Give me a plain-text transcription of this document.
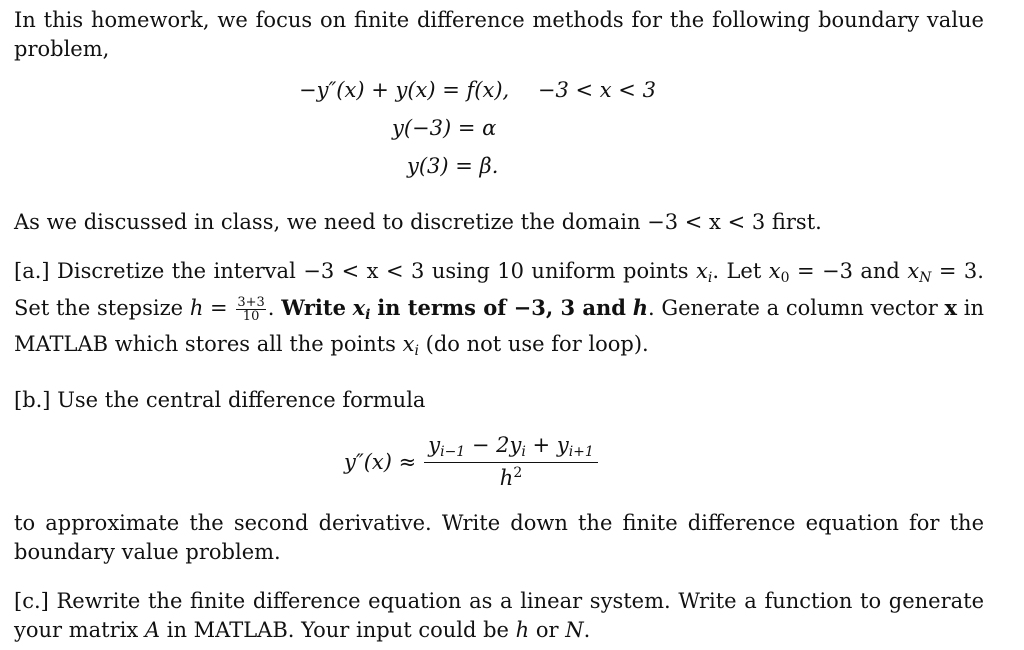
In this homework, we focus on finite difference methods for the following boundary value problem,

−y″(x) + y(x) = f(x), −3 < x < 3
y(−3) = α
y(3) = β.

As we discussed in class, we need to discretize the domain −3 < x < 3 first.

[a.] Discretize the interval −3 < x < 3 using 10 uniform points $x_i$. Let $x_0 = -3$ and $x_N = 3$. Set the stepsize $h = \frac{3+3}{10}$ . Write $x_i$ in terms of −3, 3 and h. Generate a column vector x in MATLAB which stores all the points $x_i$ (do not use for loop).

[b.] Use the central difference formula

$y''(x) \approx \frac{y_{i-1} - 2y_i + y_{i+1}}{h^2}$

to approximate the second derivative. Write down the finite difference equation for the boundary value problem.

[c.] Rewrite the finite difference equation as a linear system. Write a function to generate your matrix A in MATLAB. Your input could be h or N.
